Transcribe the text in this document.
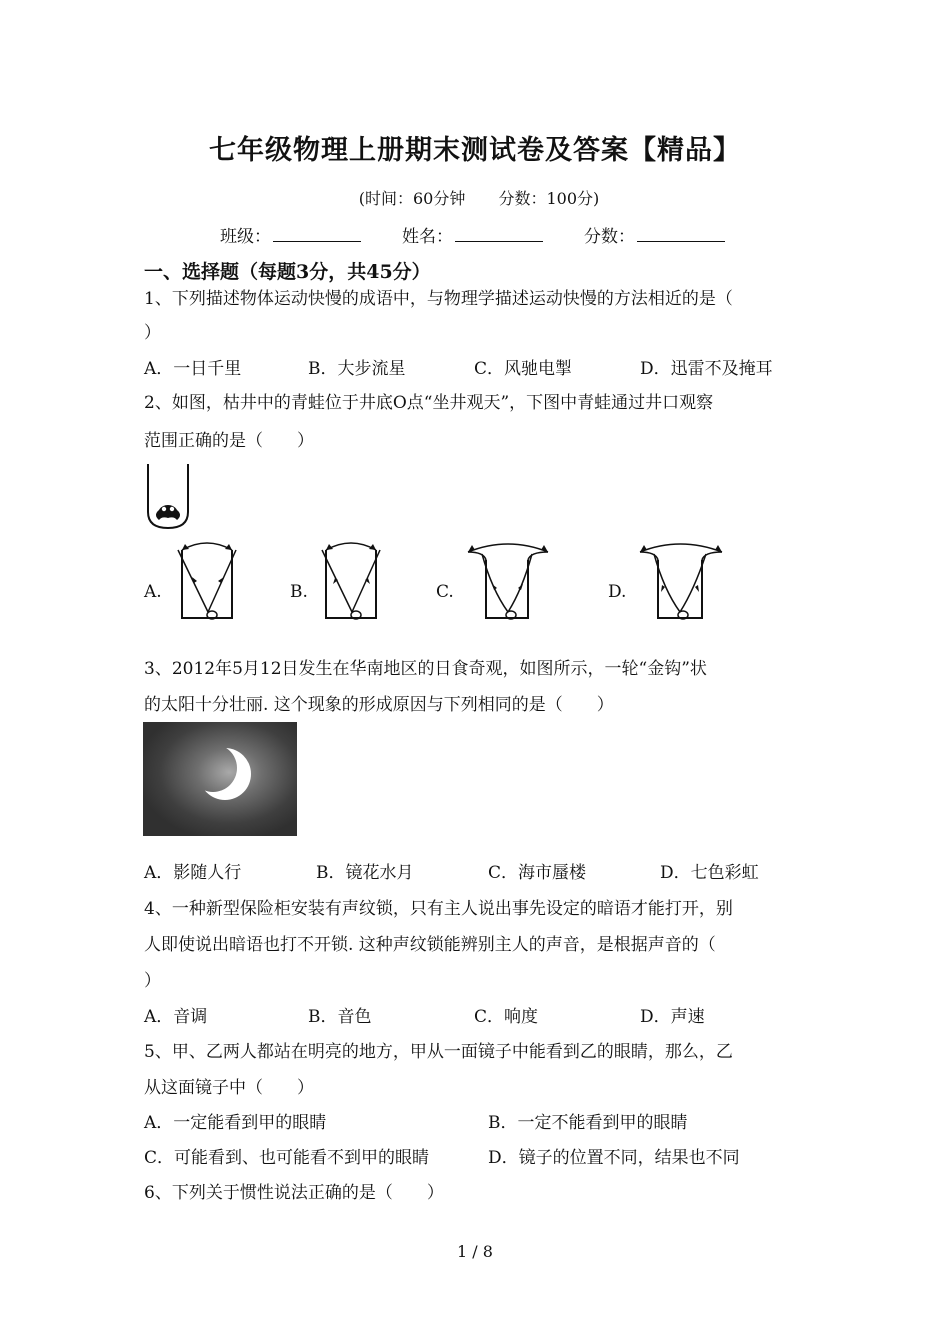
七年级物理上册期末测试卷及答案【精品】
(时间：60分钟 分数：100分)
班级：	姓名：	分数：
一、选择题（每题3分，共45分）
1、下列描述物体运动快慢的成语中，与物理学描述运动快慢的方法相近的是（
）
A．一日千里	B．大步流星	C．风驰电掣	D．迅雷不及掩耳
2、如图，枯井中的青蛙位于井底O点“坐井观天”，下图中青蛙通过井口观察
范围正确的是（　　）
A.	B.	C.	D.
3、2012年5月12日发生在华南地区的日食奇观，如图所示，一轮“金钩”状
的太阳十分壮丽. 这个现象的形成原因与下列相同的是（　　）
A．影随人行	B．镜花水月	C．海市蜃楼	D．七色彩虹
4、一种新型保险柜安装有声纹锁，只有主人说出事先设定的暗语才能打开，别
人即使说出暗语也打不开锁. 这种声纹锁能辨别主人的声音，是根据声音的（
）
A．音调	B．音色	C．响度	D．声速
5、甲、乙两人都站在明亮的地方，甲从一面镜子中能看到乙的眼睛，那么，乙
从这面镜子中（　　）
A．一定能看到甲的眼睛	B．一定不能看到甲的眼睛
C．可能看到、也可能看不到甲的眼睛	D．镜子的位置不同，结果也不同
6、下列关于惯性说法正确的是（　　）
1 / 8
